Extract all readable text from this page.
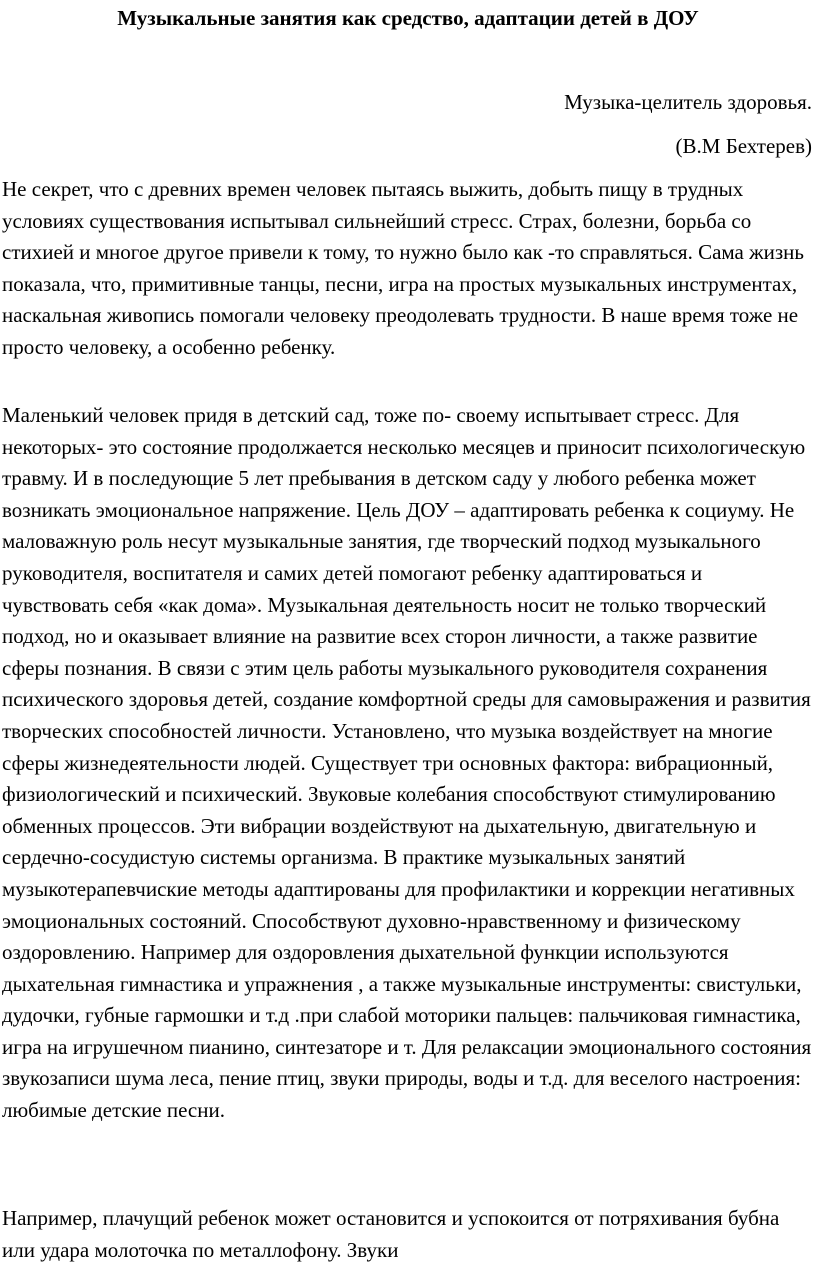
Музыкальные занятия как средство, адаптации детей в ДОУ

Музыка-целитель здоровья.

(В.М Бехтерев)

Не секрет, что с древних времен человек пытаясь выжить, добыть пищу в трудных условиях существования испытывал сильнейший стресс. Страх, болезни, борьба со стихией и многое другое привели к тому, то нужно было как -то справляться. Сама жизнь показала, что, примитивные танцы, песни, игра на простых музыкальных инструментах, наскальная живопись помогали человеку преодолевать трудности. В наше время тоже не просто человеку, а особенно ребенку.

Маленький человек придя в детский сад, тоже по- своему испытывает стресс. Для некоторых- это состояние продолжается несколько месяцев и приносит психологическую травму. И в последующие 5 лет пребывания в детском саду у любого ребенка может возникать эмоциональное напряжение. Цель ДОУ – адаптировать ребенка к социуму. Не маловажную роль несут музыкальные занятия, где творческий подход музыкального руководителя, воспитателя и самих детей помогают ребенку адаптироваться и чувствовать себя «как дома». Музыкальная деятельность носит не только творческий подход, но и оказывает влияние на развитие всех сторон личности, а также развитие сферы познания. В связи с этим цель работы музыкального руководителя сохранения психического здоровья детей, создание комфортной среды для самовыражения и развития творческих способностей личности. Установлено, что музыка воздействует на многие сферы жизнедеятельности людей. Существует три основных фактора: вибрационный, физиологический и психический. Звуковые колебания способствуют стимулированию обменных процессов. Эти вибрации воздействуют на дыхательную, двигательную и сердечно-сосудистую системы организма. В практике музыкальных занятий музыкотерапевчиские методы адаптированы для профилактики и коррекции негативных эмоциональных состояний. Способствуют духовно-нравственному и физическому оздоровлению. Например для оздоровления дыхательной функции используются дыхательная гимнастика и упражнения , а также музыкальные инструменты: свистульки, дудочки, губные гармошки и т.д .при слабой моторики пальцев: пальчиковая гимнастика, игра на игрушечном пианино, синтезаторе и т. Для релаксации эмоционального состояния звукозаписи шума леса, пение птиц, звуки природы, воды и т.д. для веселого настроения: любимые детские песни.

Например, плачущий ребенок может остановится и успокоится от потряхивания бубна или удара молоточка по металлофону. Звуки
